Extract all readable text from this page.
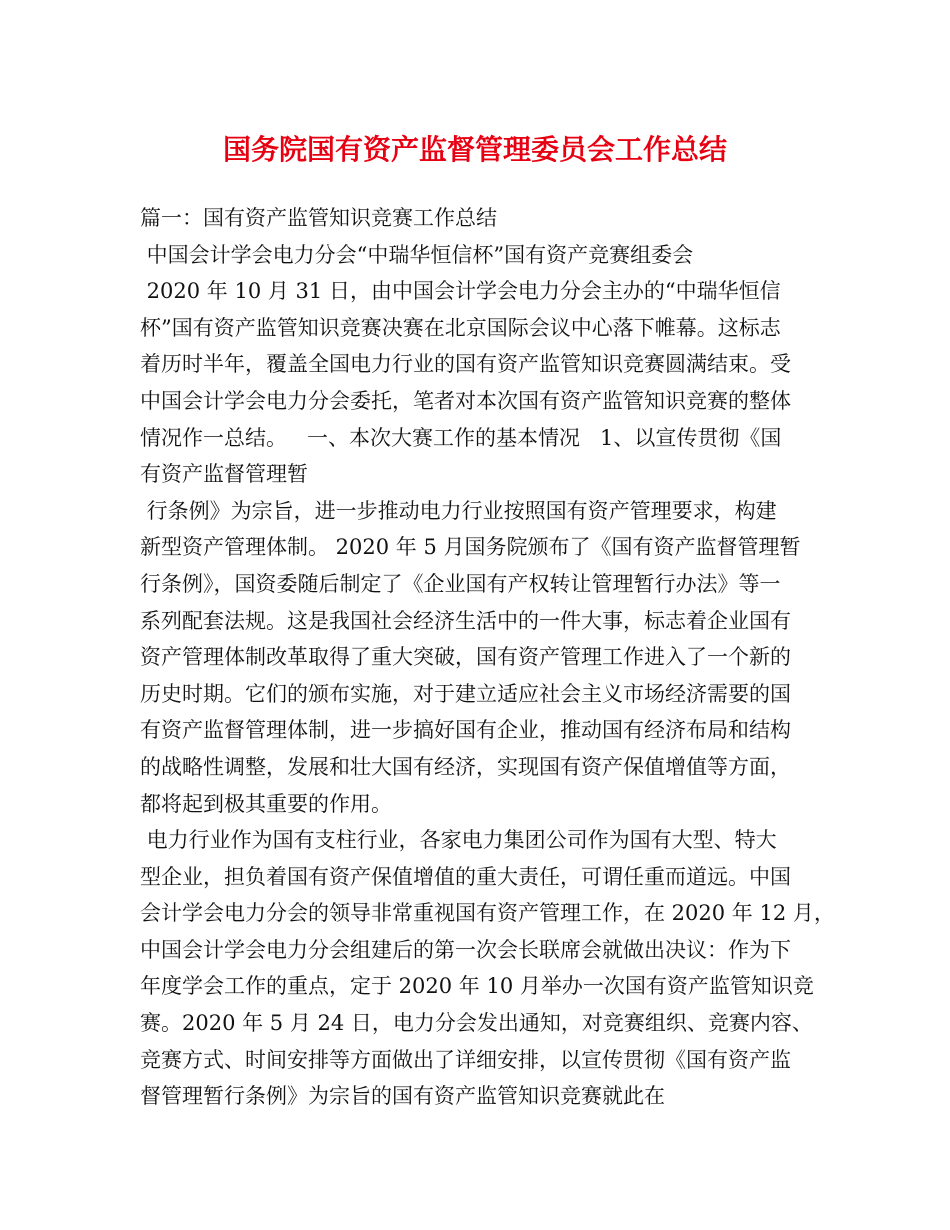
国务院国有资产监督管理委员会工作总结
篇一：国有资产监管知识竞赛工作总结
中国会计学会电力分会“中瑞华恒信杯”国有资产竞赛组委会
2020 年 10 月 31 日，由中国会计学会电力分会主办的“中瑞华恒信
杯”国有资产监管知识竞赛决赛在北京国际会议中心落下帷幕。这标志
着历时半年，覆盖全国电力行业的国有资产监管知识竞赛圆满结束。受
中国会计学会电力分会委托，笔者对本次国有资产监管知识竞赛的整体
情况作一总结。   一、本次大赛工作的基本情况   1、以宣传贯彻《国
有资产监督管理暂
行条例》为宗旨，进一步推动电力行业按照国有资产管理要求，构建
新型资产管理体制。 2020 年 5 月国务院颁布了《国有资产监督管理暂
行条例》，国资委随后制定了《企业国有产权转让管理暂行办法》等一
系列配套法规。这是我国社会经济生活中的一件大事，标志着企业国有
资产管理体制改革取得了重大突破，国有资产管理工作进入了一个新的
历史时期。它们的颁布实施，对于建立适应社会主义市场经济需要的国
有资产监督管理体制，进一步搞好国有企业，推动国有经济布局和结构
的战略性调整，发展和壮大国有经济，实现国有资产保值增值等方面，
都将起到极其重要的作用。
电力行业作为国有支柱行业，各家电力集团公司作为国有大型、特大
型企业，担负着国有资产保值增值的重大责任，可谓任重而道远。中国
会计学会电力分会的领导非常重视国有资产管理工作，在 2020 年 12 月，
中国会计学会电力分会组建后的第一次会长联席会就做出决议：作为下
年度学会工作的重点，定于 2020 年 10 月举办一次国有资产监管知识竞
赛。2020 年 5 月 24 日，电力分会发出通知，对竞赛组织、竞赛内容、
竞赛方式、时间安排等方面做出了详细安排，以宣传贯彻《国有资产监
督管理暂行条例》为宗旨的国有资产监管知识竞赛就此在
